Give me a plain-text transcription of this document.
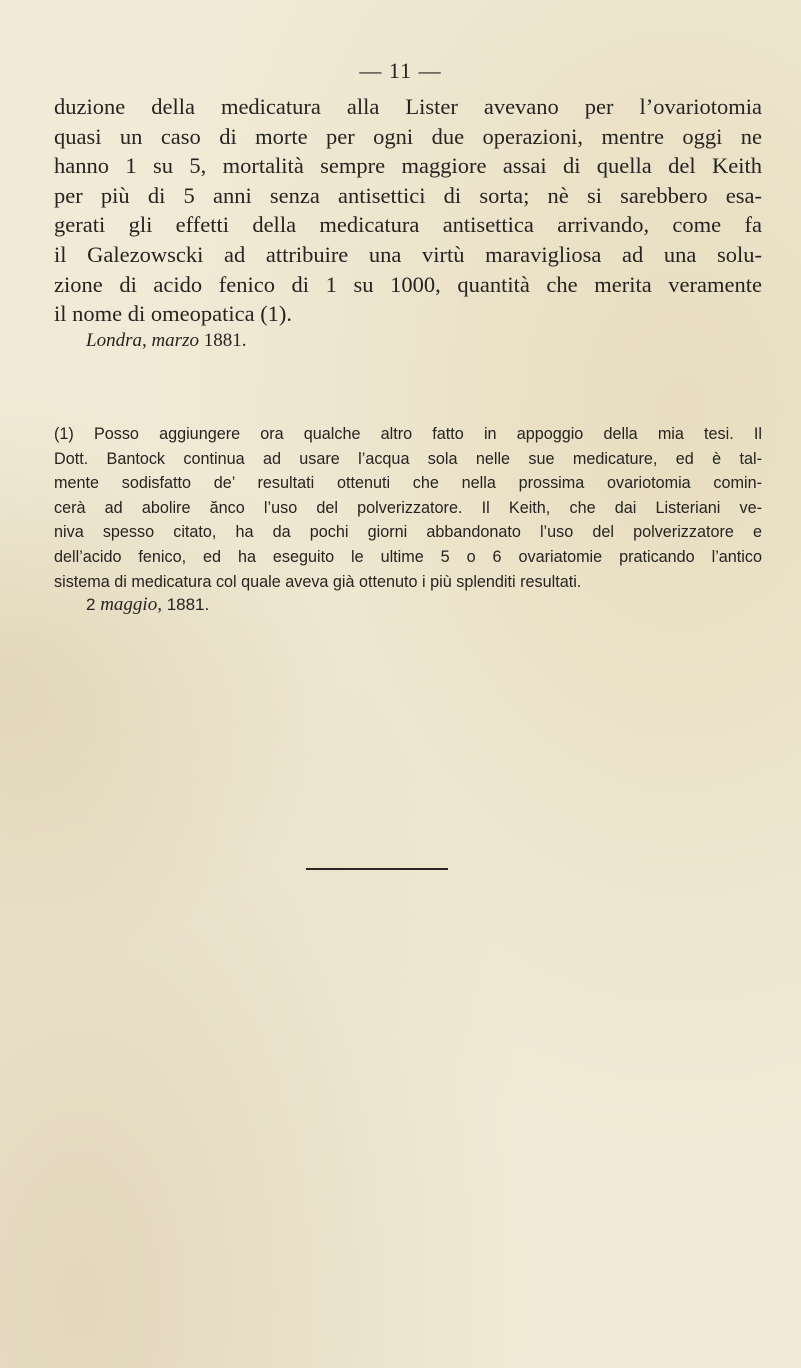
— 11 —
duzione della medicatura alla Lister avevano per l’ovariotomia
quasi un caso di morte per ogni due operazioni, mentre oggi ne
hanno 1 su 5, mortalità sempre maggiore assai di quella del Keith
per più di 5 anni senza antisettici di sorta; nè si sarebbero esa-
gerati gli effetti della medicatura antisettica arrivando, come fa
il Galezowscki ad attribuire una virtù maravigliosa ad una solu-
zione di acido fenico di 1 su 1000, quantità che merita veramente
il nome di omeopatica (1).
Londra, marzo 1881.
(1) Posso aggiungere ora qualche altro fatto in appoggio della mia tesi. Il
Dott. Bantock continua ad usare l’acqua sola nelle sue medicature, ed è tal-
mente sodisfatto de’ resultati ottenuti che nella prossima ovariotomia comin-
cerà ad abolire ănco l’uso del polverizzatore. Il Keith, che dai Listeriani ve-
niva spesso citato, ha da pochi giorni abbandonato l’uso del polverizzatore e
dell’acido fenico, ed ha eseguito le ultime 5 o 6 ovariatomie praticando l’antico
sistema di medicatura col quale aveva già ottenuto i più splenditi resultati.
2 maggio, 1881.
